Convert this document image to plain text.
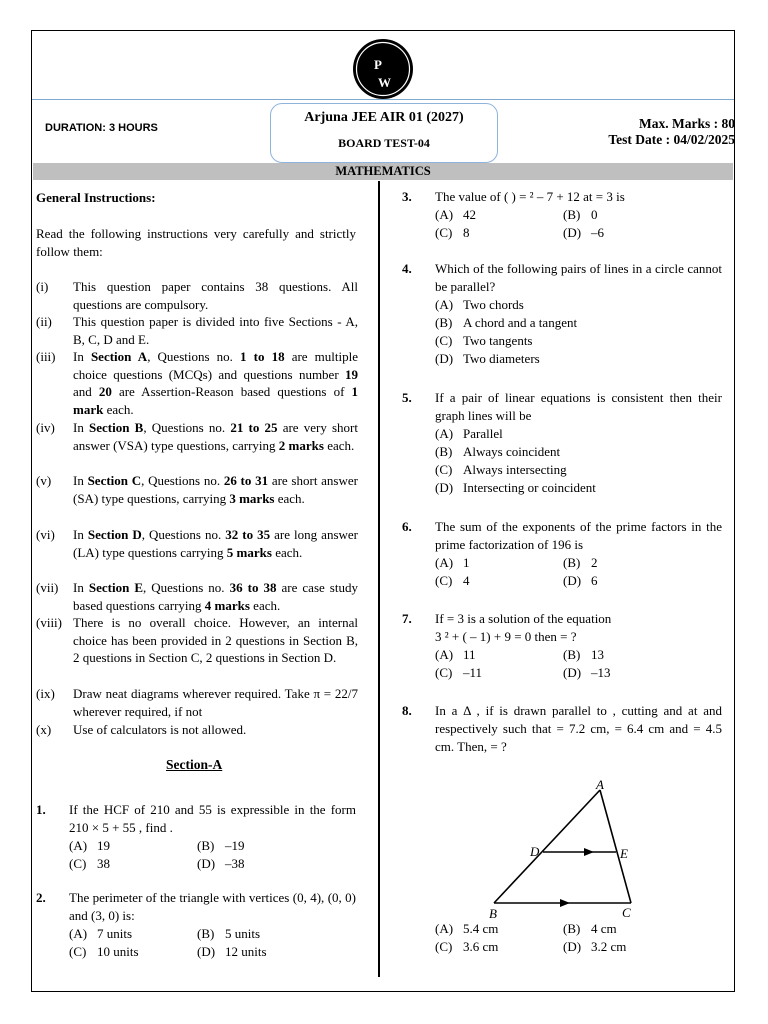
P
W
DURATION: 3 HOURS
Arjuna JEE AIR 01 (2027)
BOARD TEST-04
Max. Marks : 80
Test Date : 04/02/2025
MATHEMATICS
General Instructions:
Read the following instructions very carefully and strictly follow them:
(i) This question paper contains 38 questions. All questions are compulsory.
(ii) This question paper is divided into five Sections - A, B, C, D and E.
(iii) In Section A, Questions no. 1 to 18 are multiple choice questions (MCQs) and questions number 19 and 20 are Assertion-Reason based questions of 1 mark each.
(iv) In Section B, Questions no. 21 to 25 are very short answer (VSA) type questions, carrying 2 marks each.
(v) In Section C, Questions no. 26 to 31 are short answer (SA) type questions, carrying 3 marks each.
(vi) In Section D, Questions no. 32 to 35 are long answer (LA) type questions carrying 5 marks each.
(vii) In Section E, Questions no. 36 to 38 are case study based questions carrying 4 marks each.
(viii) There is no overall choice. However, an internal choice has been provided in 2 questions in Section B, 2 questions in Section C, 2 questions in Section D.
(ix) Draw neat diagrams wherever required. Take π = 22/7 wherever required, if not
(x) Use of calculators is not allowed.
Section-A
1. If the HCF of 210 and 55 is expressible in the form 210 × 5 + 55 , find .
(A) 19	(B) –19
(C) 38	(D) –38
2. The perimeter of the triangle with vertices (0, 4), (0, 0) and (3, 0) is:
(A) 7 units	(B) 5 units
(C) 10 units	(D) 12 units
3. The value of ( ) = ² – 7 + 12 at = 3 is
(A) 42	(B) 0
(C) 8	(D) –6
4. Which of the following pairs of lines in a circle cannot be parallel?
(A) Two chords
(B) A chord and a tangent
(C) Two tangents
(D) Two diameters
5. If a pair of linear equations is consistent then their graph lines will be
(A) Parallel
(B) Always coincident
(C) Always intersecting
(D) Intersecting or coincident
6. The sum of the exponents of the prime factors in the prime factorization of 196 is
(A) 1	(B) 2
(C) 4	(D) 6
7. If = 3 is a solution of the equation
3 ² + ( – 1) + 9 = 0 then = ?
(A) 11	(B) 13
(C) –11	(D) –13
8. In a Δ , if is drawn parallel to , cutting and at and respectively such that = 7.2 cm, = 6.4 cm and = 4.5 cm. Then, = ?
A
D	E
B	C
(A) 5.4 cm	(B) 4 cm
(C) 3.6 cm	(D) 3.2 cm
